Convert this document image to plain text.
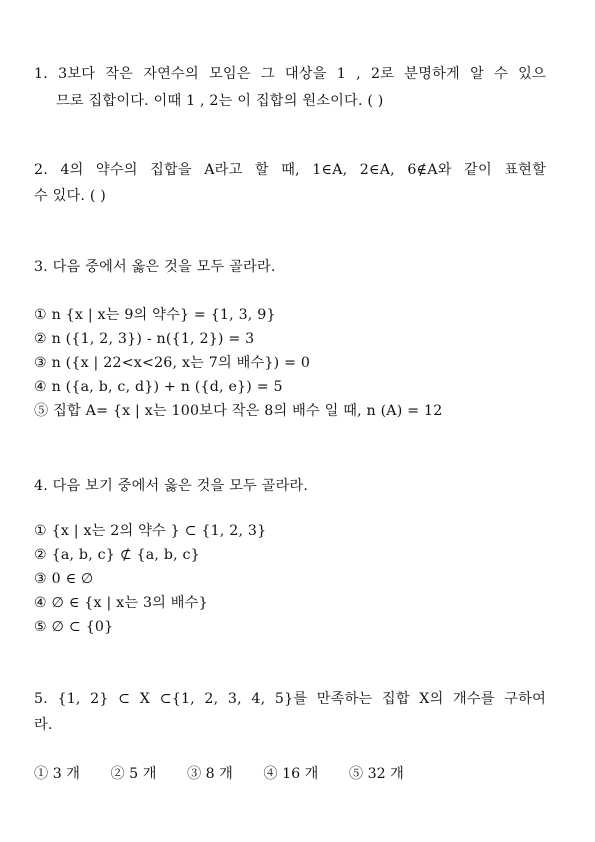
1. 3보다 작은 자연수의 모임은 그 대상을 1 , 2로 분명하게 알 수 있으
므로 집합이다. 이때 1 , 2는 이 집합의 원소이다. ( )
2. 4의 약수의 집합을 A라고 할 때, 1∈A, 2∈A, 6∉A와 같이 표현할
수 있다. ( )
3. 다음 중에서 옳은 것을 모두 골라라.
① n {x | x는 9의 약수} = {1, 3, 9}
② n ({1, 2, 3}) - n({1, 2}) = 3
③ n ({x | 22<x<26, x는 7의 배수}) = 0
④ n ({a, b, c, d}) + n ({d, e}) = 5
⑤ 집합 A= {x | x는 100보다 작은 8의 배수 일 때, n (A) = 12
4. 다음 보기 중에서 옳은 것을 모두 골라라.
① {x | x는 2의 약수 } ⊂ {1, 2, 3}
② {a, b, c} ⊄ {a, b, c}
③ 0 ∈ ∅
④ ∅ ∈ {x | x는 3의 배수}
⑤ ∅ ⊂ {0}
5. {1, 2} ⊂ X ⊂{1, 2, 3, 4, 5}를 만족하는 집합 X의 개수를 구하여
라.
① 3 개 ② 5 개 ③ 8 개 ④ 16 개 ⑤ 32 개
